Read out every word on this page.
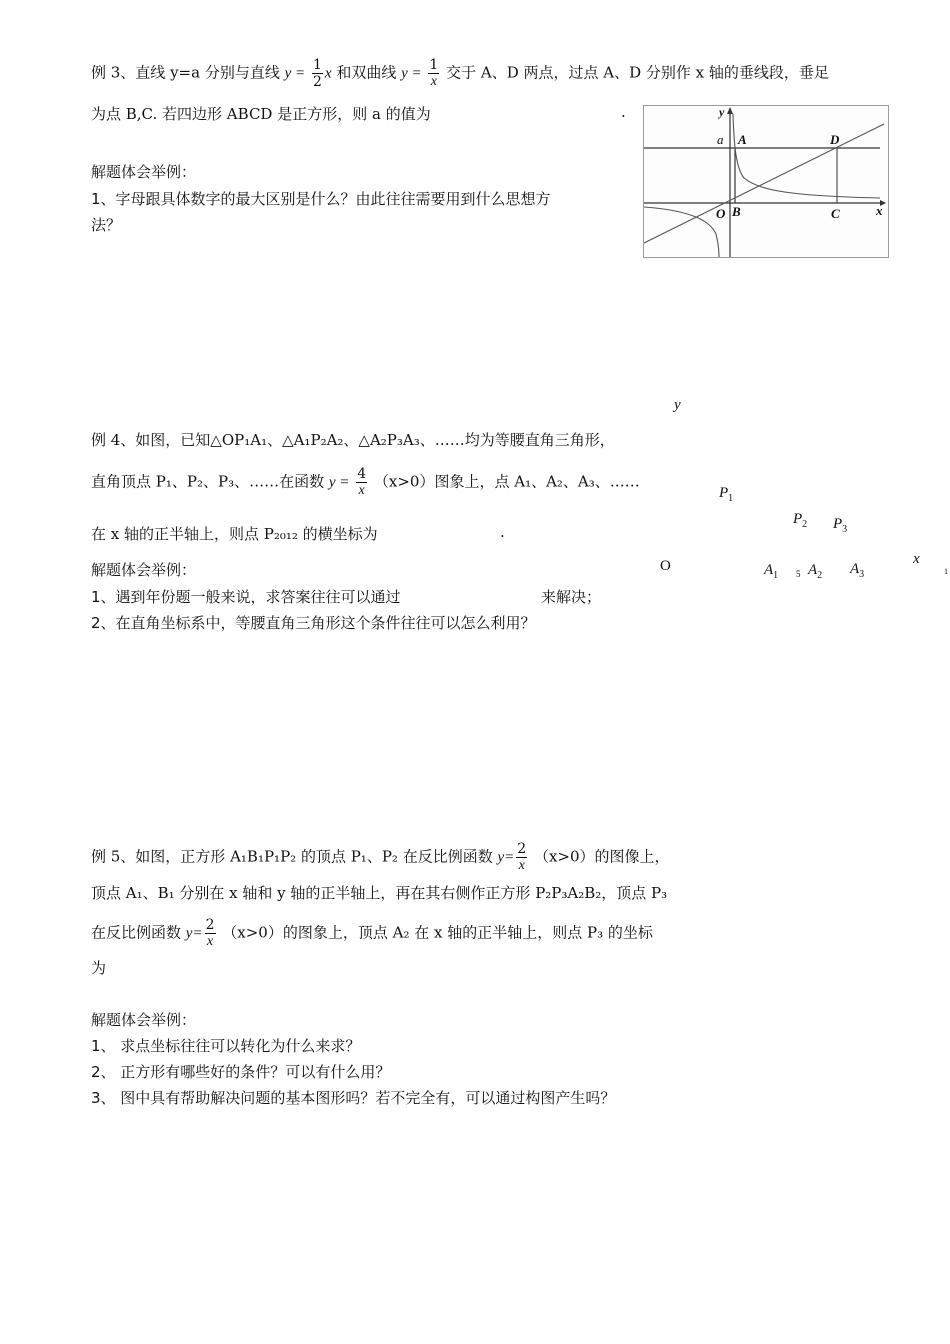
例 3、直线 y=a 分别与直线 $y = \frac{1}{2}$ x 和双曲线 $y = \frac{1}{x}$ 交于 A、D 两点，过点 A、D 分别作 x 轴的垂线段，垂足
为点 B,C. 若四边形 ABCD 是正方形，则 a 的值为	.
解题体会举例：
1、字母跟具体数字的最大区别是什么？由此往往需要用到什么思想方
法？
y
a A	D
O B	C	x
例 4、如图，已知△OP₁A₁、△A₁P₂A₂、△A₂P₃A₃、……均为等腰直角三角形，
直角顶点 P₁、P₂、P₃、……在函数 $y = \frac{4}{x} (x>0)$图象上，点 A₁、A₂、A₃、……
在 x 轴的正半轴上，则点 P₂₀₁₂ 的横坐标为	.
解题体会举例：
1、遇到年份题一般来说，求答案往往可以通过	来解决；
2、在直角坐标系中，等腰直角三角形这个条件往往可以怎么利用？
y
$P_1$
$P_2$ $P_3$
O	$A_1$ 5 $A_2$ $A_3$
x
1
例 5、如图，正方形 A₁B₁P₁P₂ 的顶点 P₁、P₂ 在反比例函数 $y= \frac{2}{x} (x>0)$的图像上，
顶点 A₁、B₁ 分别在 x 轴和 y 轴的正半轴上，再在其右侧作正方形 P₂P₃A₂B₂，顶点 P₃
在反比例函数 $y= \frac{2}{x} (x>0)$的图象上，顶点 A₂ 在 x 轴的正半轴上，则点 P₃ 的坐标
为
解题体会举例：
1、 求点坐标往往可以转化为什么来求？
2、 正方形有哪些好的条件？可以有什么用？
3、 图中具有帮助解决问题的基本图形吗？若不完全有，可以通过构图产生吗？
